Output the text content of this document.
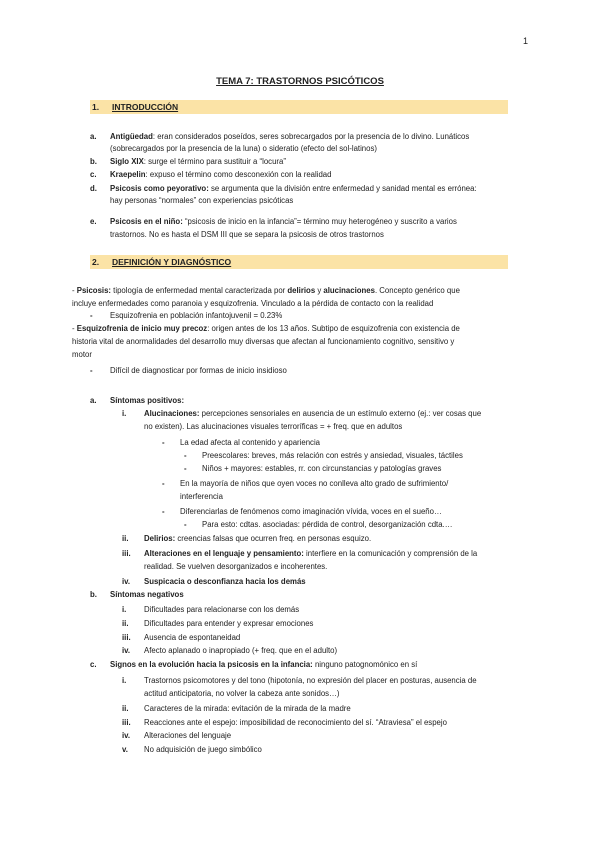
1
TEMA 7: TRASTORNOS PSICÓTICOS
1. INTRODUCCIÓN
a. Antigüedad: eran considerados poseídos, seres sobrecargados por la presencia de lo divino. Lunáticos
(sobrecargados por la presencia de la luna) o sideratio (efecto del sol-latinos)
b. Siglo XIX: surge el término para sustituir a “locura”
c. Kraepelin: expuso el término como desconexión con la realidad
d. Psicosis como peyorativo: se argumenta que la división entre enfermedad y sanidad mental es errónea:
hay personas “normales” con experiencias psicóticas
e. Psicosis en el niño: “psicosis de inicio en la infancia”= término muy heterogéneo y suscrito a varios
trastornos. No es hasta el DSM III que se separa la psicosis de otros trastornos
2. DEFINICIÓN Y DIAGNÓSTICO
- Psicosis: tipología de enfermedad mental caracterizada por delirios y alucinaciones. Concepto genérico que
incluye enfermedades como paranoia y esquizofrenia. Vinculado a la pérdida de contacto con la realidad
- Esquizofrenia en población infantojuvenil = 0.23%
- Esquizofrenia de inicio muy precoz: origen antes de los 13 años. Subtipo de esquizofrenia con existencia de
historia vital de anormalidades del desarrollo muy diversas que afectan al funcionamiento cognitivo, sensitivo y
motor
- Difícil de diagnosticar por formas de inicio insidioso
a. Síntomas positivos:
i. Alucinaciones: percepciones sensoriales en ausencia de un estímulo externo (ej.: ver cosas que
no existen). Las alucinaciones visuales terroríficas = + freq. que en adultos
- La edad afecta al contenido y apariencia
- Preescolares: breves, más relación con estrés y ansiedad, visuales, táctiles
- Niños + mayores: estables, rr. con circunstancias y patologías graves
- En la mayoría de niños que oyen voces no conlleva alto grado de sufrimiento/
interferencia
- Diferenciarlas de fenómenos como imaginación vívida, voces en el sueño…
- Para esto: cdtas. asociadas: pérdida de control, desorganización cdta.…
ii. Delirios: creencias falsas que ocurren freq. en personas esquizo.
iii. Alteraciones en el lenguaje y pensamiento: interfiere en la comunicación y comprensión de la
realidad. Se vuelven desorganizados e incoherentes.
iv. Suspicacia o desconfianza hacia los demás
b. Síntomas negativos
i. Dificultades para relacionarse con los demás
ii. Dificultades para entender y expresar emociones
iii. Ausencia de espontaneidad
iv. Afecto aplanado o inapropiado (+ freq. que en el adulto)
c. Signos en la evolución hacia la psicosis en la infancia: ninguno patognomónico en sí
i. Trastornos psicomotores y del tono (hipotonía, no expresión del placer en posturas, ausencia de
actitud anticipatoria, no volver la cabeza ante sonidos…)
ii. Caracteres de la mirada: evitación de la mirada de la madre
iii. Reacciones ante el espejo: imposibilidad de reconocimiento del sí. “Atraviesa” el espejo
iv. Alteraciones del lenguaje
v. No adquisición de juego simbólico
